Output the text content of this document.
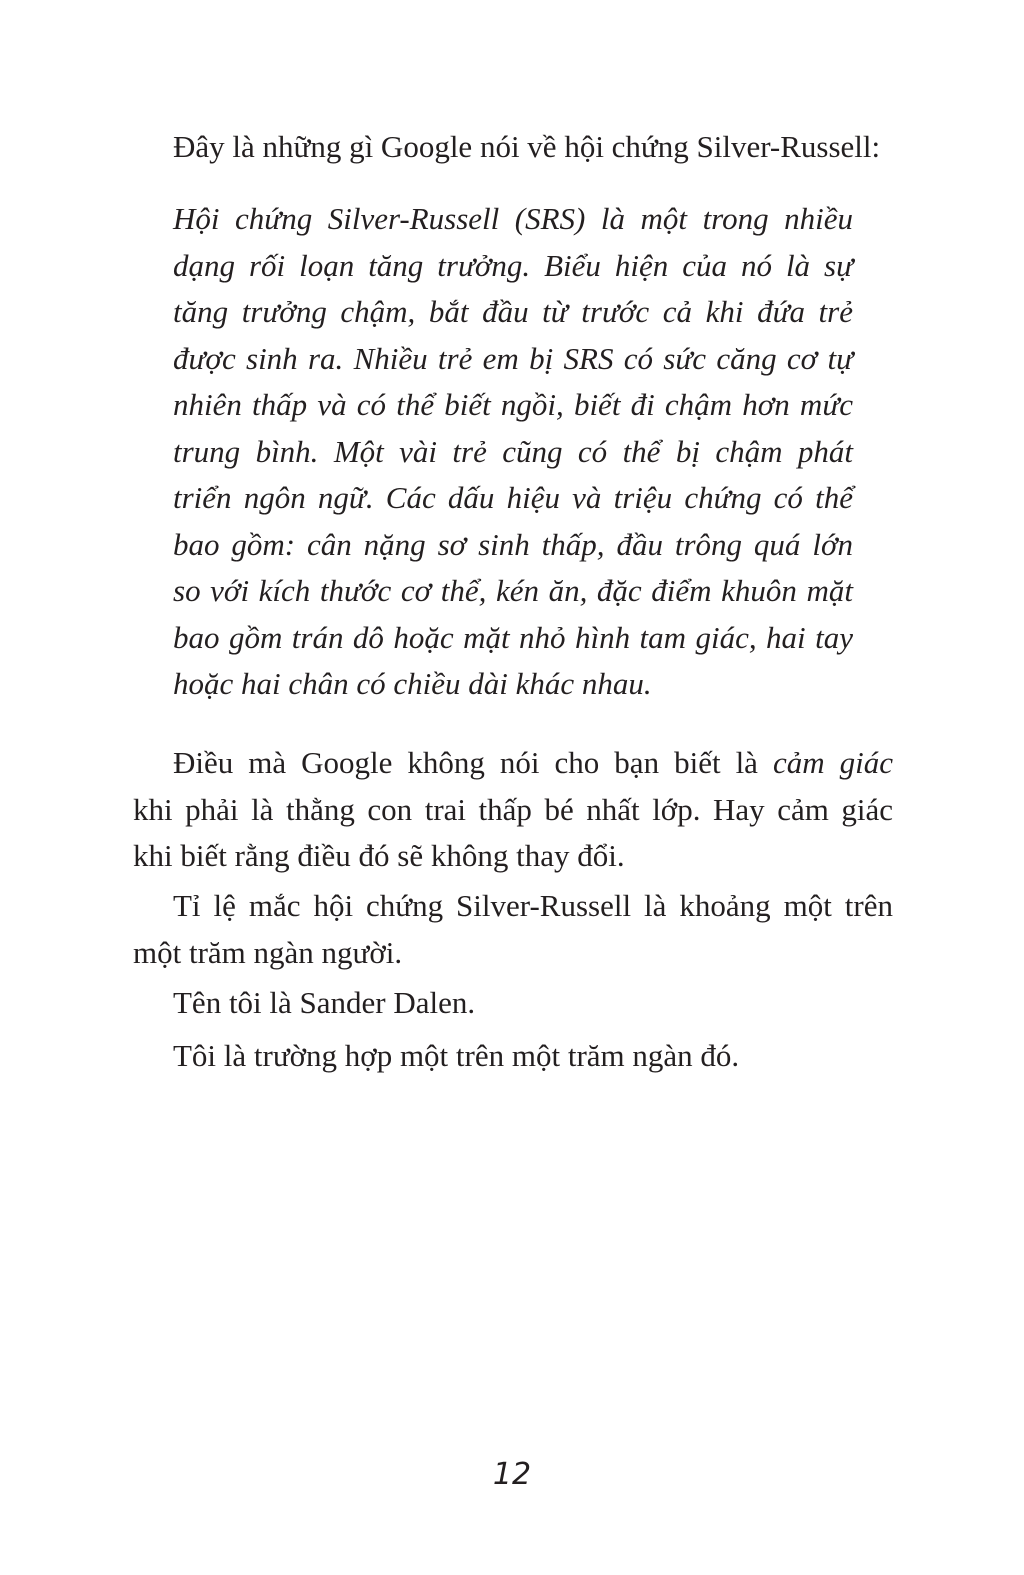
Đây là những gì Google nói về hội chứng Silver-Russell:

Hội chứng Silver-Russell (SRS) là một trong nhiều
dạng rối loạn tăng trưởng. Biểu hiện của nó là sự
tăng trưởng chậm, bắt đầu từ trước cả khi đứa trẻ
được sinh ra. Nhiều trẻ em bị SRS có sức căng cơ tự
nhiên thấp và có thể biết ngồi, biết đi chậm hơn mức
trung bình. Một vài trẻ cũng có thể bị chậm phát
triển ngôn ngữ. Các dấu hiệu và triệu chứng có thể
bao gồm: cân nặng sơ sinh thấp, đầu trông quá lớn
so với kích thước cơ thể, kén ăn, đặc điểm khuôn mặt
bao gồm trán dô hoặc mặt nhỏ hình tam giác, hai tay
hoặc hai chân có chiều dài khác nhau.
Điều mà Google không nói cho bạn biết là cảm giác
khi phải là thằng con trai thấp bé nhất lớp. Hay cảm giác
khi biết rằng điều đó sẽ không thay đổi.
Tỉ lệ mắc hội chứng Silver-Russell là khoảng một trên
một trăm ngàn người.
Tên tôi là Sander Dalen.
Tôi là trường hợp một trên một trăm ngàn đó.
12
